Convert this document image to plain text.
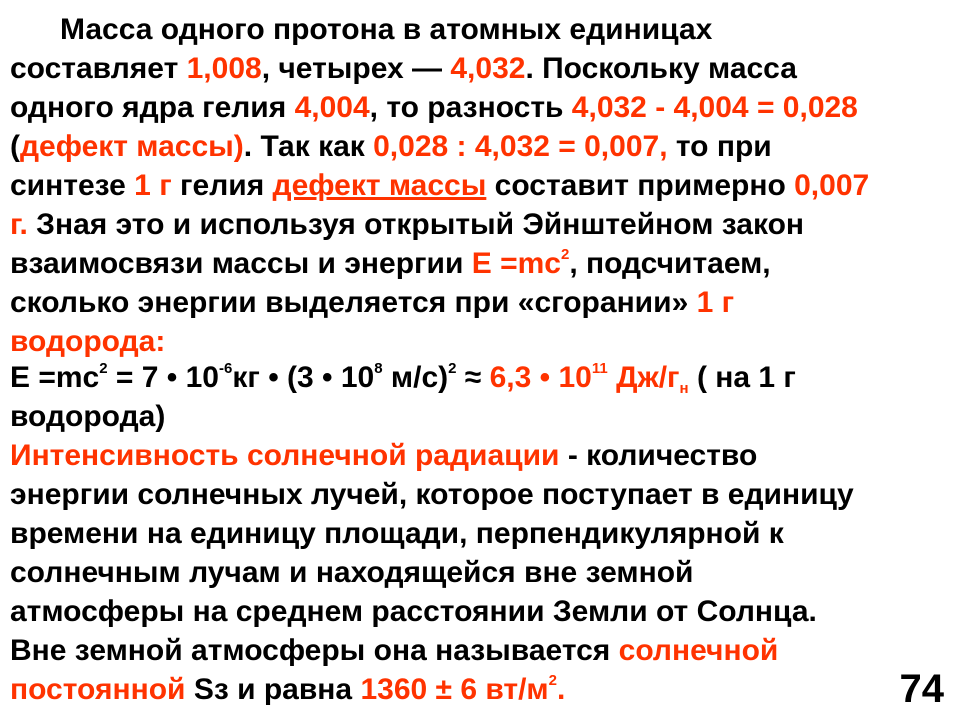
Масса одного протона в атомных единицах
составляет 1,008, четырех — 4,032. Поскольку масса
одного ядра гелия 4,004, то разность 4,032 - 4,004 = 0,028
(дефект массы). Так как 0,028 : 4,032 = 0,007, то при
синтезе 1 г гелия дефект массы составит примерно 0,007
г. Зная это и используя открытый Эйнштейном закон
взаимосвязи массы и энергии $Е =mc^2$, подсчитаем,
сколько энергии выделяется при «сгорании» 1 г
водорода:
$Е =mc^2 = 7$ • $10^{-6}кг$ • (3 • $10^8$ м/с)$^2$ ≈ 6,3 • $10^{11}$ $Дж/г_н$ ( на 1 г
водорода)
Интенсивность солнечной радиации - количество
энергии солнечных лучей, которое поступает в единицу
времени на единицу площади, перпендикулярной к
солнечным лучам и находящейся вне земной
атмосферы на среднем расстоянии Земли от Солнца.
Вне земной атмосферы она называется солнечной
постоянной Sз и равна 1360 ± 6 $вт/м^2$.	74
